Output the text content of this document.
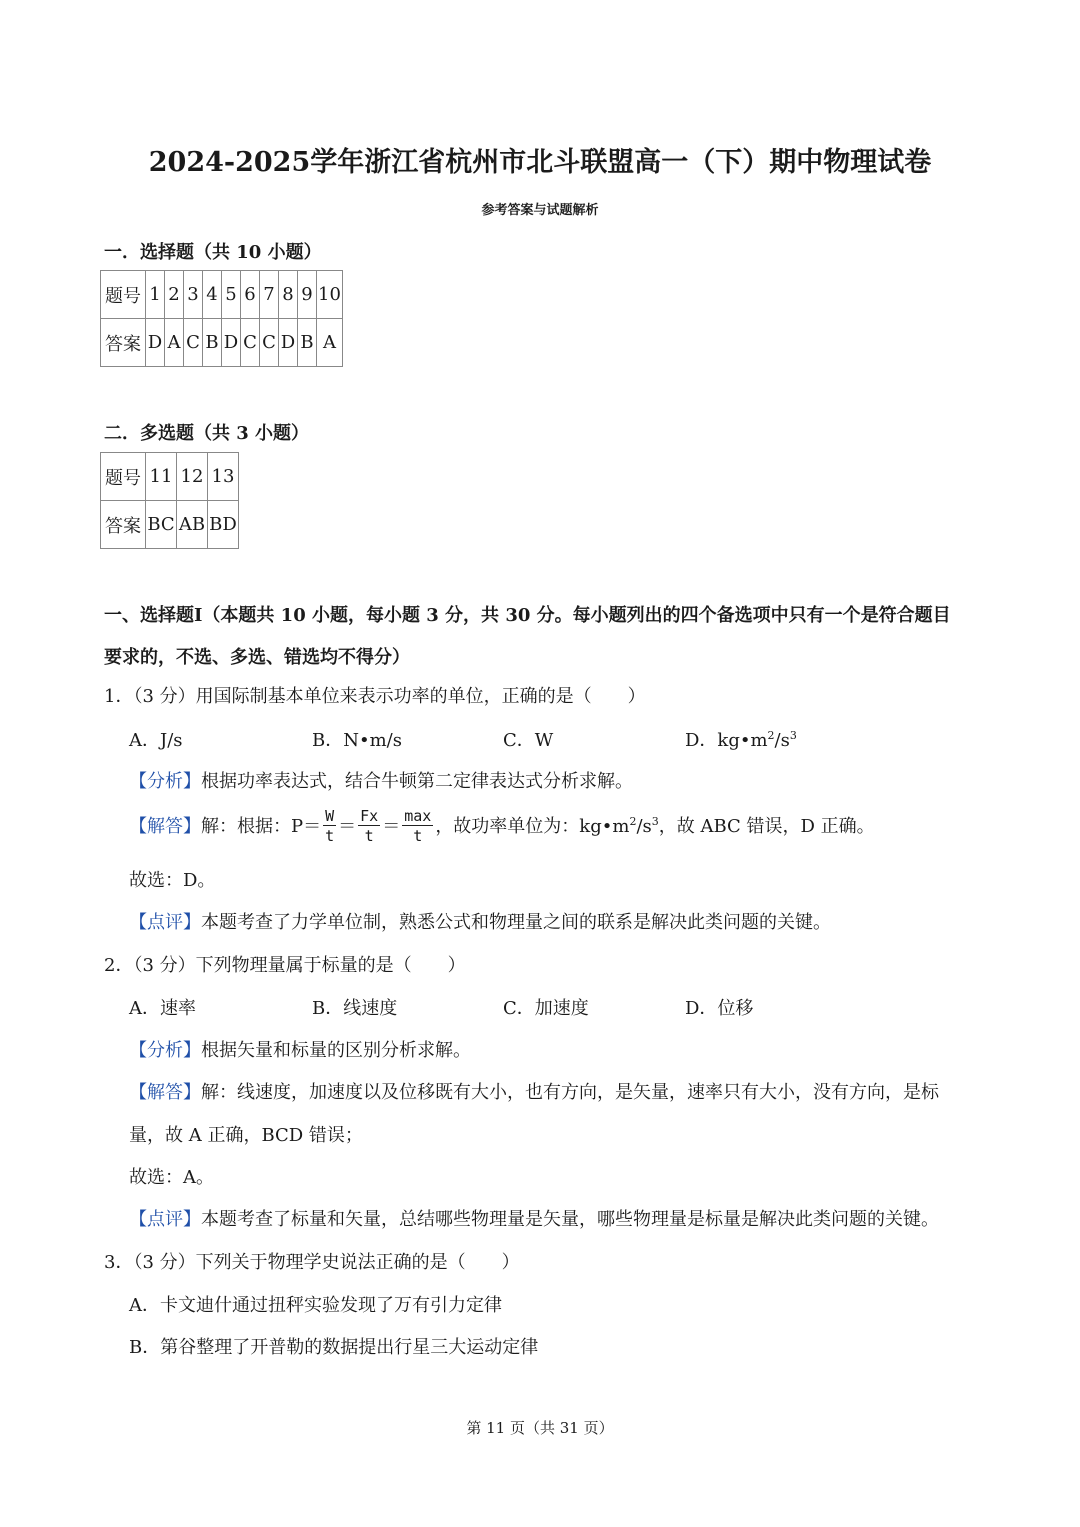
2024-2025学年浙江省杭州市北斗联盟高一（下）期中物理试卷
参考答案与试题解析
一．选择题（共 10 小题）
题号	1	2	3	4	5	6	7	8	9	10
答案	D	A	C	B	D	C	C	D	B	A
二．多选题（共 3 小题）
题号	11	12	13
答案	BC	AB	BD
一、选择题Ⅰ（本题共 10 小题，每小题 3 分，共 30 分。每小题列出的四个备选项中只有一个是符合题目
要求的，不选、多选、错选均不得分）
1．（3 分）用国际制基本单位来表示功率的单位，正确的是（　　）
A．J/s	B．N•m/s	C．W	D．$kg•m^2/s^3$
【分析】根据功率表达式，结合牛顿第二定律表达式分析求解。
【解答】解：根据：$P= \frac{W}{t} = \frac{Fx}{t} = \frac{\max}{t}$ ，故功率单位为：$kg•m^2/s^3$，故 ABC 错误，D 正确。
故选：D。
【点评】本题考查了力学单位制，熟悉公式和物理量之间的联系是解决此类问题的关键。
2．（3 分）下列物理量属于标量的是（　　）
A．速率	B．线速度	C．加速度	D．位移
【分析】根据矢量和标量的区别分析求解。
【解答】解：线速度，加速度以及位移既有大小，也有方向，是矢量，速率只有大小，没有方向，是标
量，故 A 正确，BCD 错误；
故选：A。
【点评】本题考查了标量和矢量，总结哪些物理量是矢量，哪些物理量是标量是解决此类问题的关键。
3．（3 分）下列关于物理学史说法正确的是（　　）
A．卡文迪什通过扭秤实验发现了万有引力定律
B．第谷整理了开普勒的数据提出行星三大运动定律
第 11 页（共 31 页）
